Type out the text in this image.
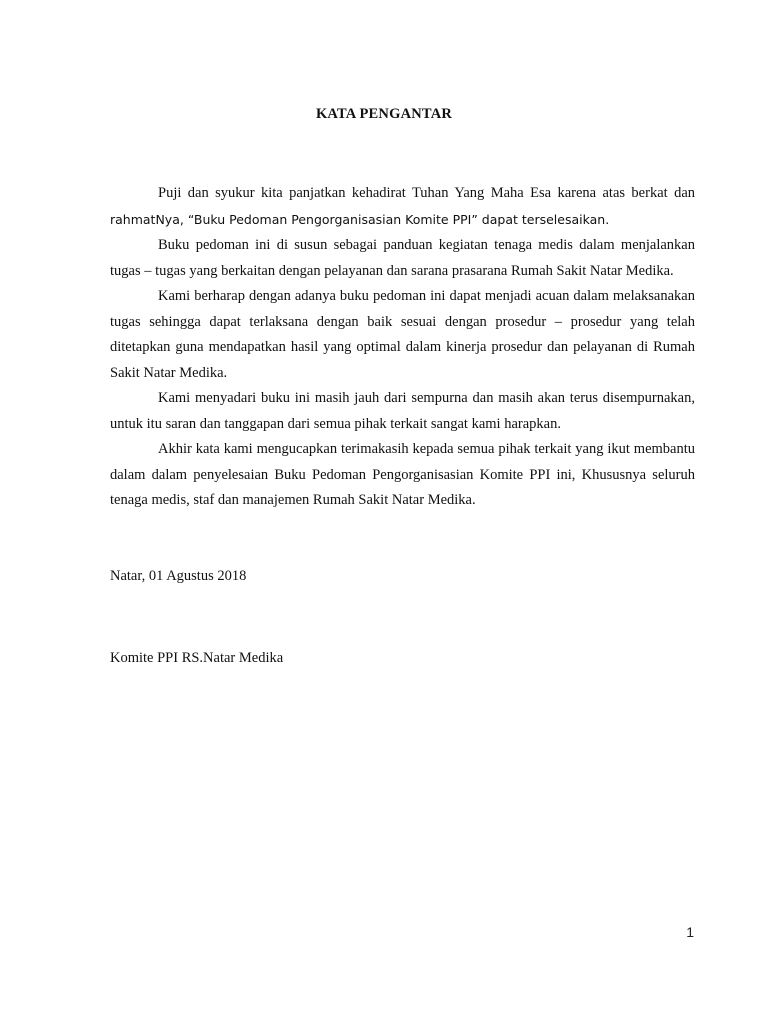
KATA PENGANTAR

Puji dan syukur kita panjatkan kehadirat Tuhan Yang Maha Esa karena atas berkat dan rahmatNya, “Buku Pedoman Pengorganisasian Komite PPI” dapat terselesaikan.

Buku pedoman ini di susun sebagai panduan kegiatan tenaga medis dalam menjalankan tugas – tugas yang berkaitan dengan pelayanan dan sarana prasarana Rumah Sakit Natar Medika.

Kami berharap dengan adanya buku pedoman ini dapat menjadi acuan dalam melaksanakan tugas sehingga dapat terlaksana dengan baik sesuai dengan prosedur – prosedur yang telah ditetapkan guna mendapatkan hasil yang optimal dalam kinerja prosedur dan pelayanan di Rumah Sakit Natar Medika.

Kami menyadari buku ini masih jauh dari sempurna dan masih akan terus disempurnakan, untuk itu saran dan tanggapan dari semua pihak terkait sangat kami harapkan.

Akhir kata kami mengucapkan terimakasih kepada semua pihak terkait yang ikut membantu dalam dalam penyelesaian Buku Pedoman Pengorganisasian Komite PPI ini, Khususnya seluruh tenaga medis, staf dan manajemen Rumah Sakit Natar Medika.

Natar, 01 Agustus 2018
Komite PPI RS.Natar Medika
1
